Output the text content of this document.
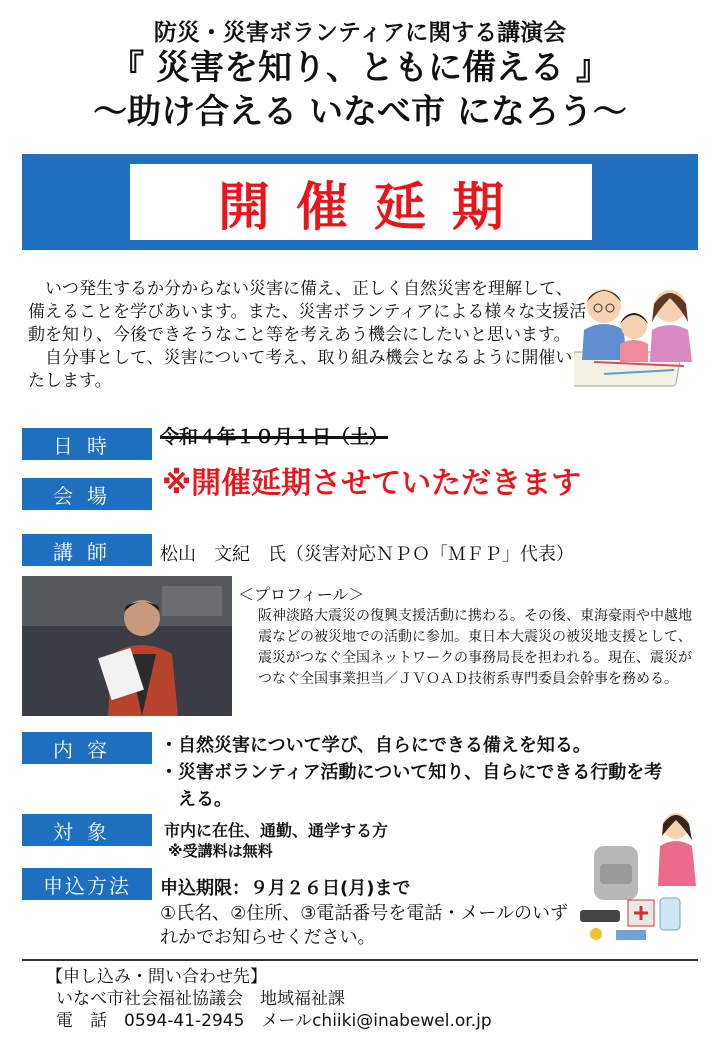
防災・災害ボランティアに関する講演会
『 災害を知り、ともに備える 』
〜助け合える いなべ市 になろう〜
開催延期

いつ発生するか分からない災害に備え、正しく自然災害を理解して、備えることを学びあいます。また、災害ボランティアによる様々な支援活動を知り、今後できそうなこと等を考えあう機会にしたいと思います。

自分事として、災害について考え、取り組み機会となるように開催いたします。

日時	令和４年１０月１日（土）
会場	※開催延期させていただきます
講師	松山　文紀　氏（災害対応ＮＰＯ「ＭＦＰ」代表）
＜プロフィール＞
阪神淡路大震災の復興支援活動に携わる。その後、東海豪雨や中越地震などの被災地での活動に参加。東日本大震災の被災地支援として、震災がつなぐ全国ネットワークの事務局長を担われる。現在、震災がつなぐ全国事業担当／ＪＶＯＡＤ技術系専門委員会幹事を務める。
内容	・自然災害について学び、自らにできる備えを知る。
・災害ボランティア活動について知り、自らにできる行動を考える。
対象	市内に在住、通勤、通学する方
※受講料は無料
申込方法	申込期限：９月２６日(月)まで
①氏名、②住所、③電話番号を電話・メールのいずれかでお知らせください。
【申し込み・問い合わせ先】
いなべ市社会福祉協議会　地域福祉課
電　話　0594-41-2945　メールchiiki@inabewel.or.jp
